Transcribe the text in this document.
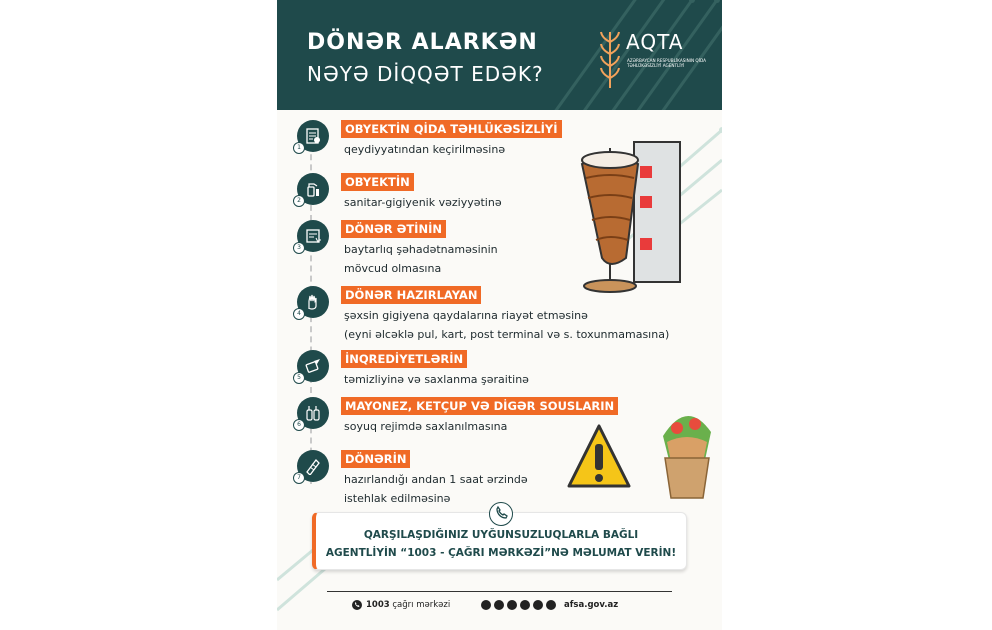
DÖNƏR ALARKƏN
NƏYƏ DİQQƏT EDƏK?
AQTA
AZƏRBAYCAN RESPUBLİKASININ QİDA TƏHLÜKƏSİZLİYİ AGENTLİYİ
1
OBYEKTİN QİDA TƏHLÜKƏSİZLİYİ
qeydiyyatından keçirilməsinə
2
OBYEKTİN
sanitar-gigiyenik vəziyyətinə
3
DÖNƏR ƏTİNİN
baytarlıq şəhadətnaməsinin
mövcud olmasına
4
DÖNƏR HAZIRLAYAN
şəxsin gigiyena qaydalarına riayət etməsinə
(eyni əlcəklə pul, kart, post terminal və s. toxunmamasına)
5
İNQREDİYETLƏRİN
təmizliyinə və saxlanma şəraitinə
6
MAYONEZ, KETÇUP VƏ DİGƏR SOUSLARIN
soyuq rejimdə saxlanılmasına
7
DÖNƏRİN
hazırlandığı andan 1 saat ərzində
istehlak edilməsinə
QARŞILAŞDIĞINIZ UYĞUNSUZLUQLARLA BAĞLI
AGENTLİYİN “1003 - ÇAĞRI MƏRKƏZİ”NƏ MƏLUMAT VERİN!
1003 çağrı mərkəzi	afsa.gov.az
